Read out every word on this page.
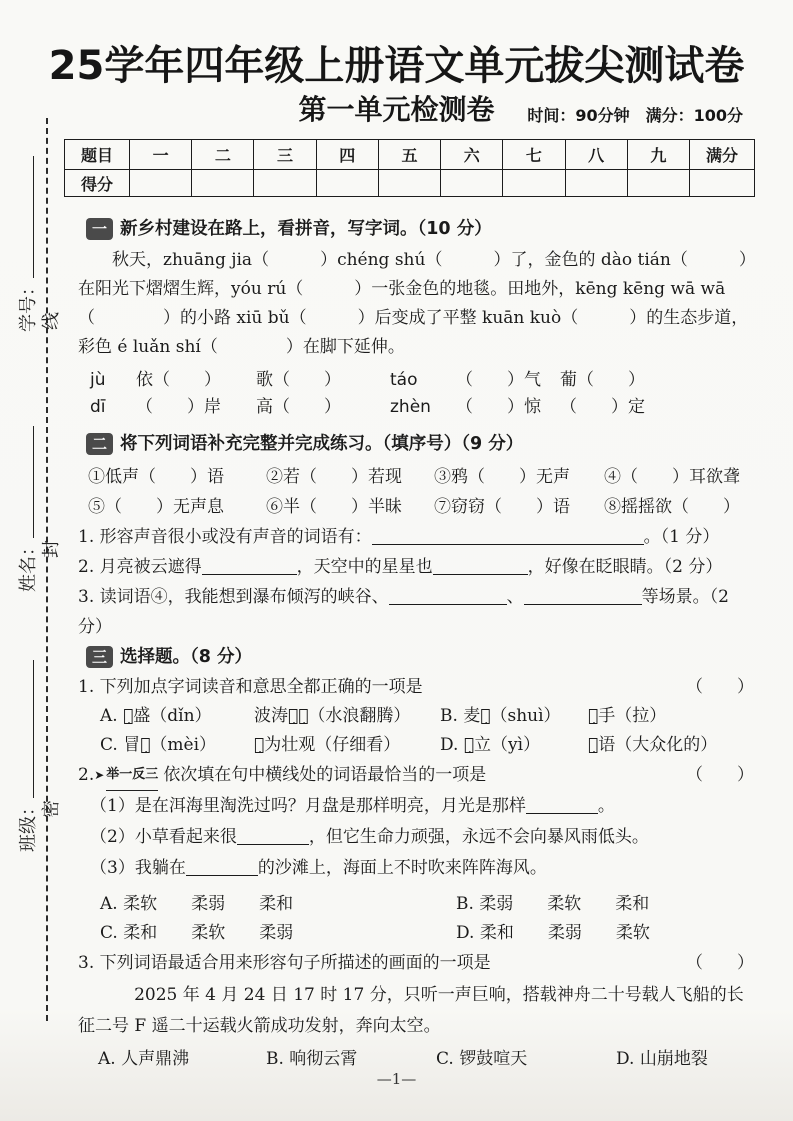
学号：
姓名：
班级：
线
封
密
25学年四年级上册语文单元拔尖测试卷
第一单元检测卷	时间：90分钟　满分：100分
题目	一	二	三	四	五	六	七	八	九	满分
得分										
一 新乡村建设在路上，看拼音，写字词。（10 分）
秋天，zhuāng jia（　　　）chéng shú（　　　）了，金色的 dào tián（　　　）在阳光下熠熠生辉，yóu rú（　　　）一张金色的地毯。田地外，kēng kēng wā wā（　　　　）的小路 xiū bǔ（　　　）后变成了平整 kuān kuò（　　　）的生态步道，彩色 é luǎn shí（　　　　）在脚下延伸。
jù	依（　　）	歌（　　）	táo	（　　）气	葡（　　）
dī	（　　）岸	高（　　）	zhèn	（　　）惊	（　　）定
二 将下列词语补充完整并完成练习。（填序号）（9 分）
①低声（　　）语	②若（　　）若现	③鸦（　　）无声	④（　　）耳欲聋
⑤（　　）无声息	⑥半（　　）半昧	⑦窃窃（　　）语	⑧摇摇欲（　　）
1. 形容声音很小或没有声音的词语有：	。（1 分）
2. 月亮被云遮得	，天空中的星星也	，好像在眨眼睛。（2 分）
3. 读词语④，我能想到瀑布倾泻的峡谷、	、	等场景。（2 分）
三 选择题。（8 分）
1. 下列加点字词读音和意思全都正确的一项是	（　　）
A. 鼎̣盛（dǐn）	波涛滚̣滚̣（水浪翻腾）	B. 麦穗̣（shuì）	牵̣手（拉）
C. 冒昧̣（mèi）	蔚̣为壮观（仔细看）	D. 屹̣立（yì）	俗̣语（大众化的）
2. ➤ 举一反三 依次填在句中横线处的词语最恰当的一项是	（　　）
（1）是在洱海里淘洗过吗？月盘是那样明亮，月光是那样	。
（2）小草看起来很	，但它生命力顽强，永远不会向暴风雨低头。
（3）我躺在	的沙滩上，海面上不时吹来阵阵海风。
A. 柔软　　柔弱　　柔和	B. 柔弱　　柔软　　柔和
C. 柔和　　柔软　　柔弱	D. 柔和　　柔弱　　柔软
3. 下列词语最适合用来形容句子所描述的画面的一项是	（　　）
2025 年 4 月 24 日 17 时 17 分，只听一声巨响，搭载神舟二十号载人飞船的长征二号 F 遥二十运载火箭成功发射，奔向太空。
A. 人声鼎沸	B. 响彻云霄	C. 锣鼓喧天	D. 山崩地裂
—1—
